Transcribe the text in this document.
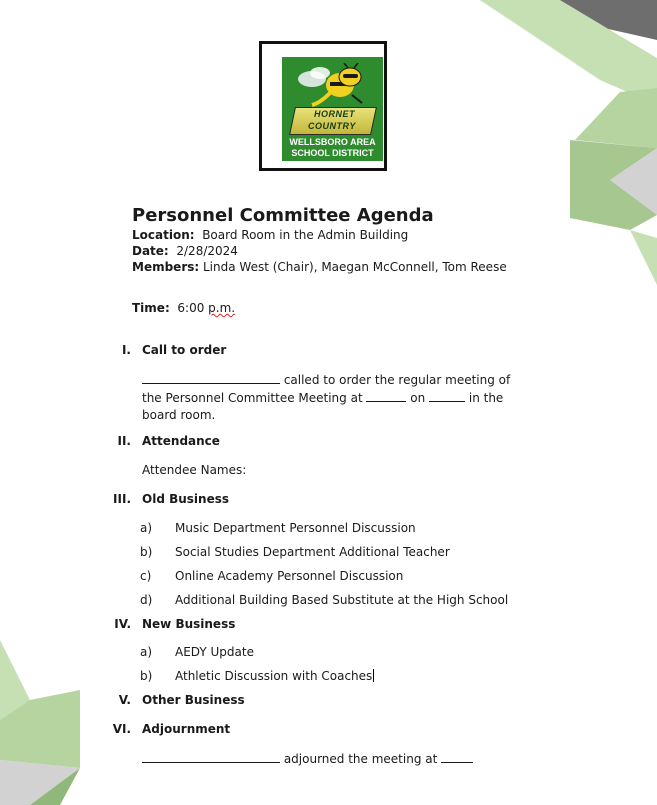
HORNET
COUNTRY
WELLSBORO AREA
SCHOOL DISTRICT
Personnel Committee Agenda
Location: Board Room in the Admin Building
Date: 2/28/2024
Members: Linda West (Chair), Maegan McConnell, Tom Reese
Time: 6:00 p.m.
I. Call to order
called to order the regular meeting of the Personnel Committee Meeting at	on	in the board room.
II. Attendance
Attendee Names:
III. Old Business
a) Music Department Personnel Discussion
b) Social Studies Department Additional Teacher
c) Online Academy Personnel Discussion
d) Additional Building Based Substitute at the High School
IV. New Business
a) AEDY Update
b) Athletic Discussion with Coaches
V. Other Business
VI. Adjournment
adjourned the meeting at
